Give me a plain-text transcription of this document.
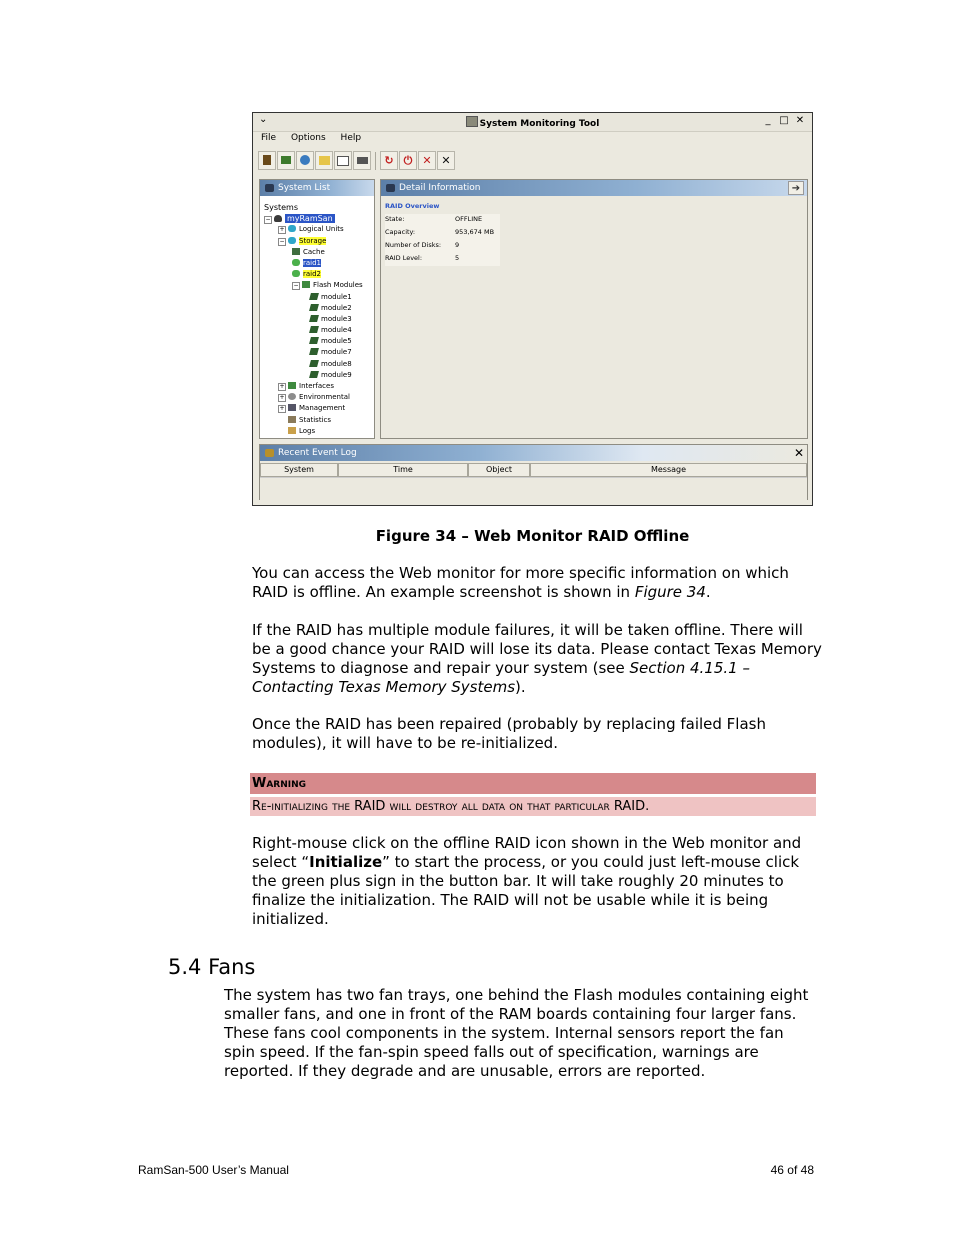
⌄	System Monitoring Tool	_ □ ✕
File Options Help
↻ ⏻ ✕ ✕
System List
Systems
− myRamSan
+ Logical Units
− Storage
Cache
raid1
raid2
− Flash Modules
module1
module2
module3
module4
module5
module7
module8
module9
+ Interfaces
+ Environmental
+ Management
Statistics
Logs
Detail Information	➔
RAID Overview
State:	OFFLINE
Capacity:	953,674 MB
Number of Disks:	9
RAID Level:	5
Recent Event Log	✕
System	Time	Object	Message
Figure 34 – Web Monitor RAID Offline

You can access the Web monitor for more specific information on which RAID is offline. An example screenshot is shown in Figure 34.

If the RAID has multiple module failures, it will be taken offline. There will be a good chance your RAID will lose its data. Please contact Texas Memory Systems to diagnose and repair your system (see Section 4.15.1 – Contacting Texas Memory Systems).

Once the RAID has been repaired (probably by replacing failed Flash modules), it will have to be re-initialized.

Warning
Re-initializing the RAID will destroy all data on that particular RAID.

Right-mouse click on the offline RAID icon shown in the Web monitor and select “Initialize” to start the process, or you could just left-mouse click the green plus sign in the button bar. It will take roughly 20 minutes to finalize the initialization. The RAID will not be usable while it is being initialized.

5.4 Fans

The system has two fan trays, one behind the Flash modules containing eight smaller fans, and one in front of the RAM boards containing four larger fans. These fans cool components in the system. Internal sensors report the fan spin speed. If the fan-spin speed falls out of specification, warnings are reported. If they degrade and are unusable, errors are reported.

RamSan-500 User’s Manual	46 of 48
